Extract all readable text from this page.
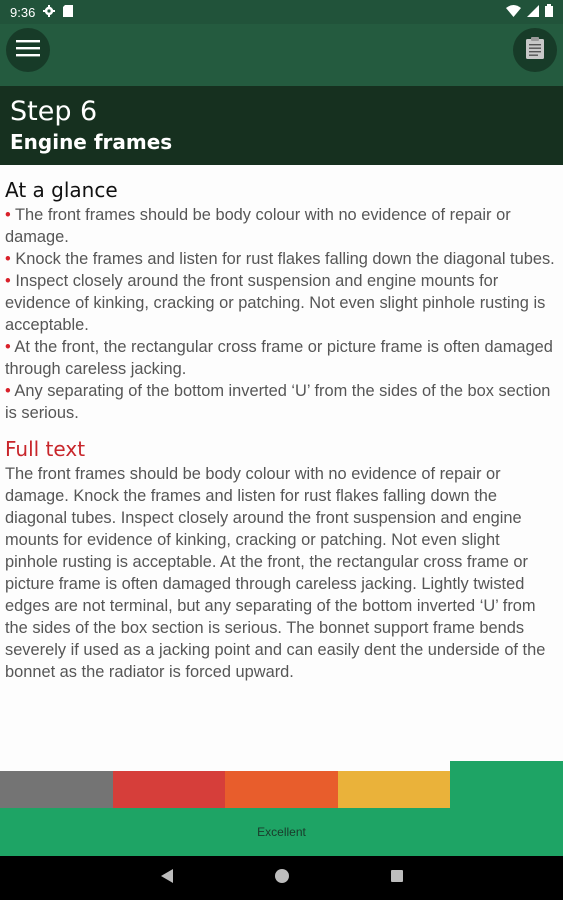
9:36
Step 6
Engine frames
At a glance
• The front frames should be body colour with no evidence of repair or damage.
• Knock the frames and listen for rust flakes falling down the diagonal tubes.
• Inspect closely around the front suspension and engine mounts for evidence of kinking, cracking or patching. Not even slight pinhole rusting is acceptable.
• At the front, the rectangular cross frame or picture frame is often damaged through careless jacking.
• Any separating of the bottom inverted ‘U’ from the sides of the box section is serious.
Full text
The front frames should be body colour with no evidence of repair or damage. Knock the frames and listen for rust flakes falling down the diagonal tubes. Inspect closely around the front suspension and engine mounts for evidence of kinking, cracking or patching. Not even slight pinhole rusting is acceptable. At the front, the rectangular cross frame or picture frame is often damaged through careless jacking. Lightly twisted edges are not terminal, but any separating of the bottom inverted ‘U’ from the sides of the box section is serious. The bonnet support frame bends severely if used as a jacking point and can easily dent the underside of the bonnet as the radiator is forced upward.
Excellent
